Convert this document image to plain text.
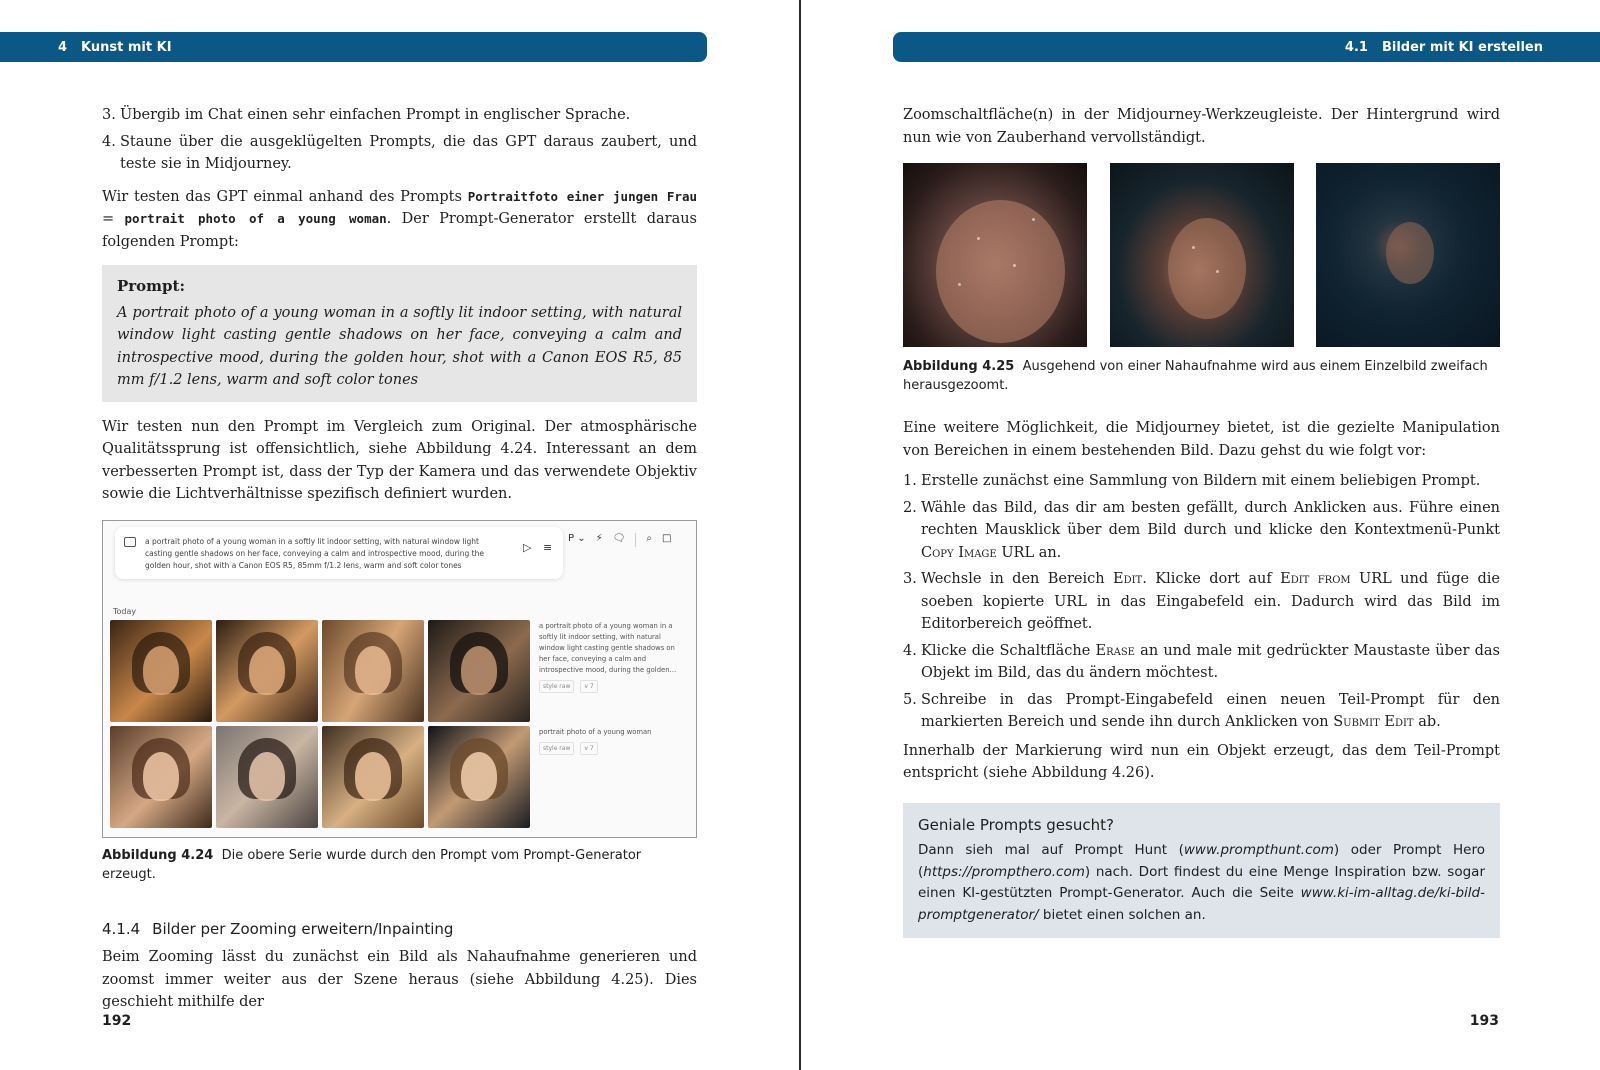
4 Kunst mit KI
3. Übergib im Chat einen sehr einfachen Prompt in englischer Sprache.
4. Staune über die ausgeklügelten Prompts, die das GPT daraus zaubert, und teste sie in Midjourney.

Wir testen das GPT einmal anhand des Prompts Portraitfoto einer jungen Frau = portrait photo of a young woman. Der Prompt-Generator erstellt daraus folgenden Prompt:

Prompt:
A portrait photo of a young woman in a softly lit indoor setting, with natural window light casting gentle shadows on her face, conveying a calm and introspective mood, during the golden hour, shot with a Canon EOS R5, 85 mm f/1.2 lens, warm and soft color tones

Wir testen nun den Prompt im Vergleich zum Original. Der atmosphärische Qualitätssprung ist offensichtlich, siehe Abbildung 4.24. Interessant an dem verbesserten Prompt ist, dass der Typ der Kamera und das verwendete Objektiv sowie die Lichtverhältnisse spezifisch definiert wurden.

a portrait photo of a young woman in a softly lit indoor setting, with natural window light casting gentle shadows on her face, conveying a calm and introspective mood, during the golden hour, shot with a Canon EOS R5, 85mm f/1.2 lens, warm and soft color tones
▷ ≡
P ⌄ ⚡ 🗨 ⌕ □
Today
a portrait photo of a young woman in a softly lit indoor setting, with natural window light casting gentle shadows on her face, conveying a calm and introspective mood, during the golden…
style raw	v 7
portrait photo of a young woman
style raw	v 7
Abbildung 4.24 Die obere Serie wurde durch den Prompt vom Prompt-Generator erzeugt.
4.1.4 Bilder per Zooming erweitern/Inpainting

Beim Zooming lässt du zunächst ein Bild als Nahaufnahme generieren und zoomst immer weiter aus der Szene heraus (siehe Abbildung 4.25). Dies geschieht mithilfe der

192
4.1 Bilder mit KI erstellen

Zoomschaltfläche(n) in der Midjourney-Werkzeugleiste. Der Hintergrund wird nun wie von Zauberhand vervollständigt.

Abbildung 4.25 Ausgehend von einer Nahaufnahme wird aus einem Einzelbild zweifach herausgezoomt.

Eine weitere Möglichkeit, die Midjourney bietet, ist die gezielte Manipulation von Bereichen in einem bestehenden Bild. Dazu gehst du wie folgt vor:

1. Erstelle zunächst eine Sammlung von Bildern mit einem beliebigen Prompt.
2. Wähle das Bild, das dir am besten gefällt, durch Anklicken aus. Führe einen rechten Mausklick über dem Bild durch und klicke den Kontextmenü-Punkt Copy Image URL an.
3. Wechsle in den Bereich Edit. Klicke dort auf Edit from URL und füge die soeben kopierte URL in das Eingabefeld ein. Dadurch wird das Bild im Editorbereich geöffnet.
4. Klicke die Schaltfläche Erase an und male mit gedrückter Maustaste über das Objekt im Bild, das du ändern möchtest.
5. Schreibe in das Prompt-Eingabefeld einen neuen Teil-Prompt für den markierten Bereich und sende ihn durch Anklicken von Submit Edit ab.

Innerhalb der Markierung wird nun ein Objekt erzeugt, das dem Teil-Prompt entspricht (siehe Abbildung 4.26).

Geniale Prompts gesucht?
Dann sieh mal auf Prompt Hunt (www.prompthunt.com) oder Prompt Hero (https://prompthero.com) nach. Dort findest du eine Menge Inspiration bzw. sogar einen KI-gestützten Prompt-Generator. Auch die Seite www.ki-im-alltag.de/ki-bild-promptgenerator/ bietet einen solchen an.
193
